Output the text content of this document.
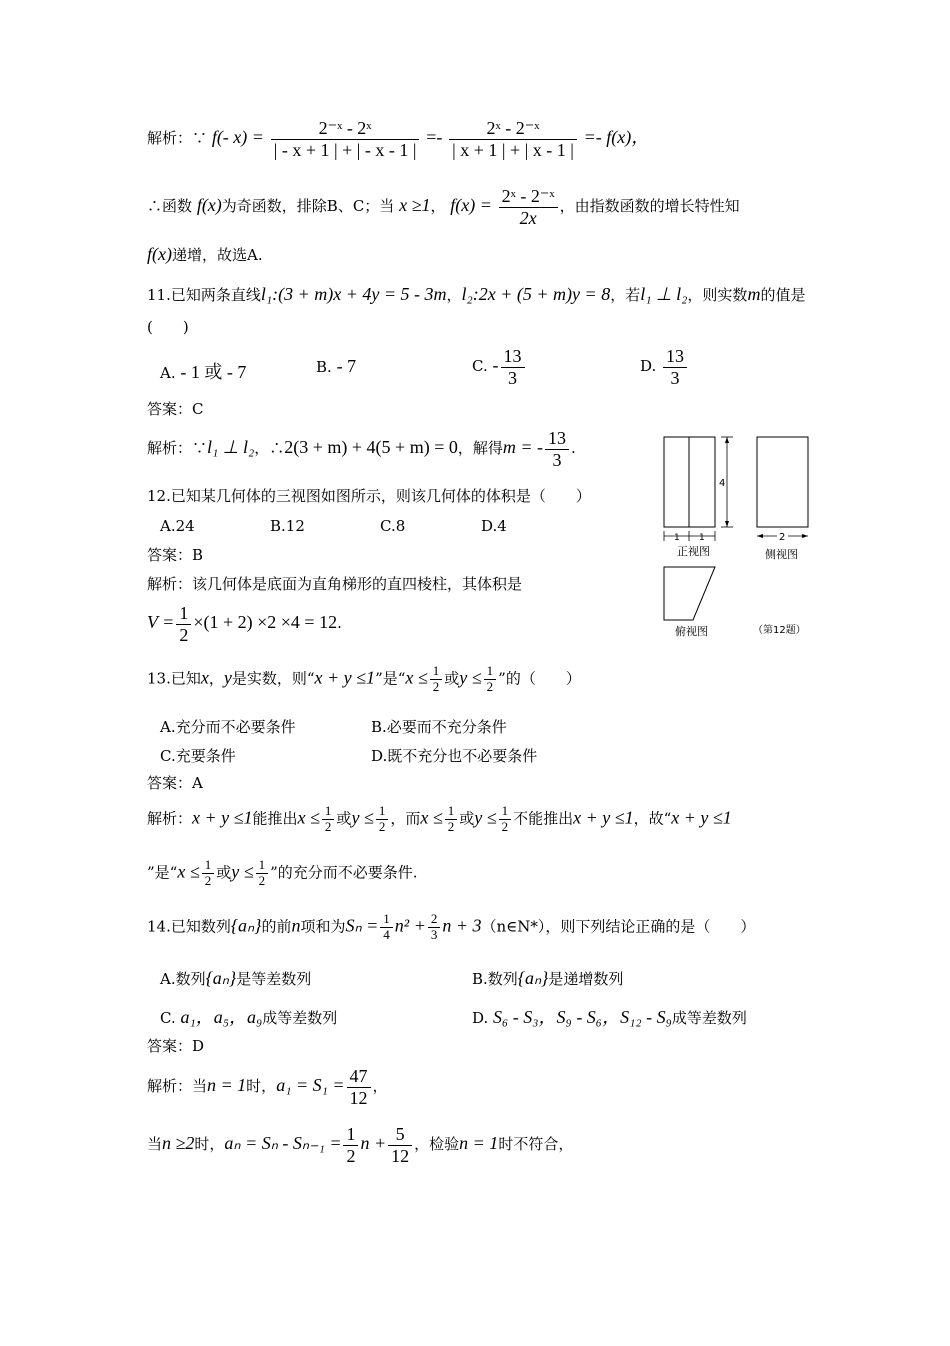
解析：∵ f(- $x) = \frac{\text{2⁻ˣ - 2ˣ}}{| - x + 1 | + | - x - 1 |} =- \frac{\text{2ˣ - 2⁻ˣ}}{| x + 1 | + | x - 1 |} =- f(x)$，
∴函数 f(x)为奇函数，排除B、C；当 x ≥1， $f(x) = \frac{\text{2ˣ - 2⁻ˣ}}{2x}$ ，由指数函数的增长特性知
f(x)递增，故选A.
11.已知两条直线l₁:(3 + m)x + 4y = 5 - 3m，l₂:2x + (5 + m)y = 8，若l₁ ⊥ l₂，则实数m的值是
(　　)
A. - 1 或 - 7	B. - 7	C. - $\frac{13}{3}$	D. $\frac{13}{3}$
答案：C
解析：∵l₁ ⊥ l₂，∴2(3 + m) + 4(5 + m) = 0，解得m = - $\frac{13}{3}$ .
12.已知某几何体的三视图如图所示，则该几何体的体积是（　　）
A.24	B.12	C.8	D.4
答案：B
解析：该几何体是底面为直角梯形的直四棱柱，其体积是
$V = \frac{1}{2} \times(1 + 2) \times 2 \times 4 = 12$.
4
1 1
正视图
2
侧视图
俯视图	（第12题）
13.已知x，y是实数，则“x + y ≤1”是“$x \le \frac{1}{2}$ 或$y \le \frac{1}{2}$ ”的（　　）
A.充分而不必要条件	B.必要而不充分条件
C.充要条件	D.既不充分也不必要条件
答案：A
解析：x + y ≤1能推出$x \le \frac{1}{2}$ 或$y \le \frac{1}{2}$ ，而$x \le \frac{1}{2}$ 或$y \le \frac{1}{2}$ 不能推出x + y ≤1，故“x + y ≤1
”是“$x \le \frac{1}{2}$ 或$y \le \frac{1}{2}$ ”的充分而不必要条件.
14.已知数列{aₙ}的前n项和为$S_n = \frac{1}{4} n^2 + \frac{2}{3}$ n + 3（n∈N*），则下列结论正确的是（　　）
A.数列{aₙ}是等差数列	B.数列{aₙ}是递增数列
C. a₁，a₅，a₉成等差数列	D. S₆ - S₃，S₉ - S₆，S₁₂ - S₉成等差数列
答案：D
解析：当n = 1时，$a_1 = S_1 = \frac{47}{12}$ ，
当n ≥2时，$a_n = S_n - S_{n-1} = \frac{1}{2}$ $n + \frac{5}{12}$ ，检验n = 1时不符合，
